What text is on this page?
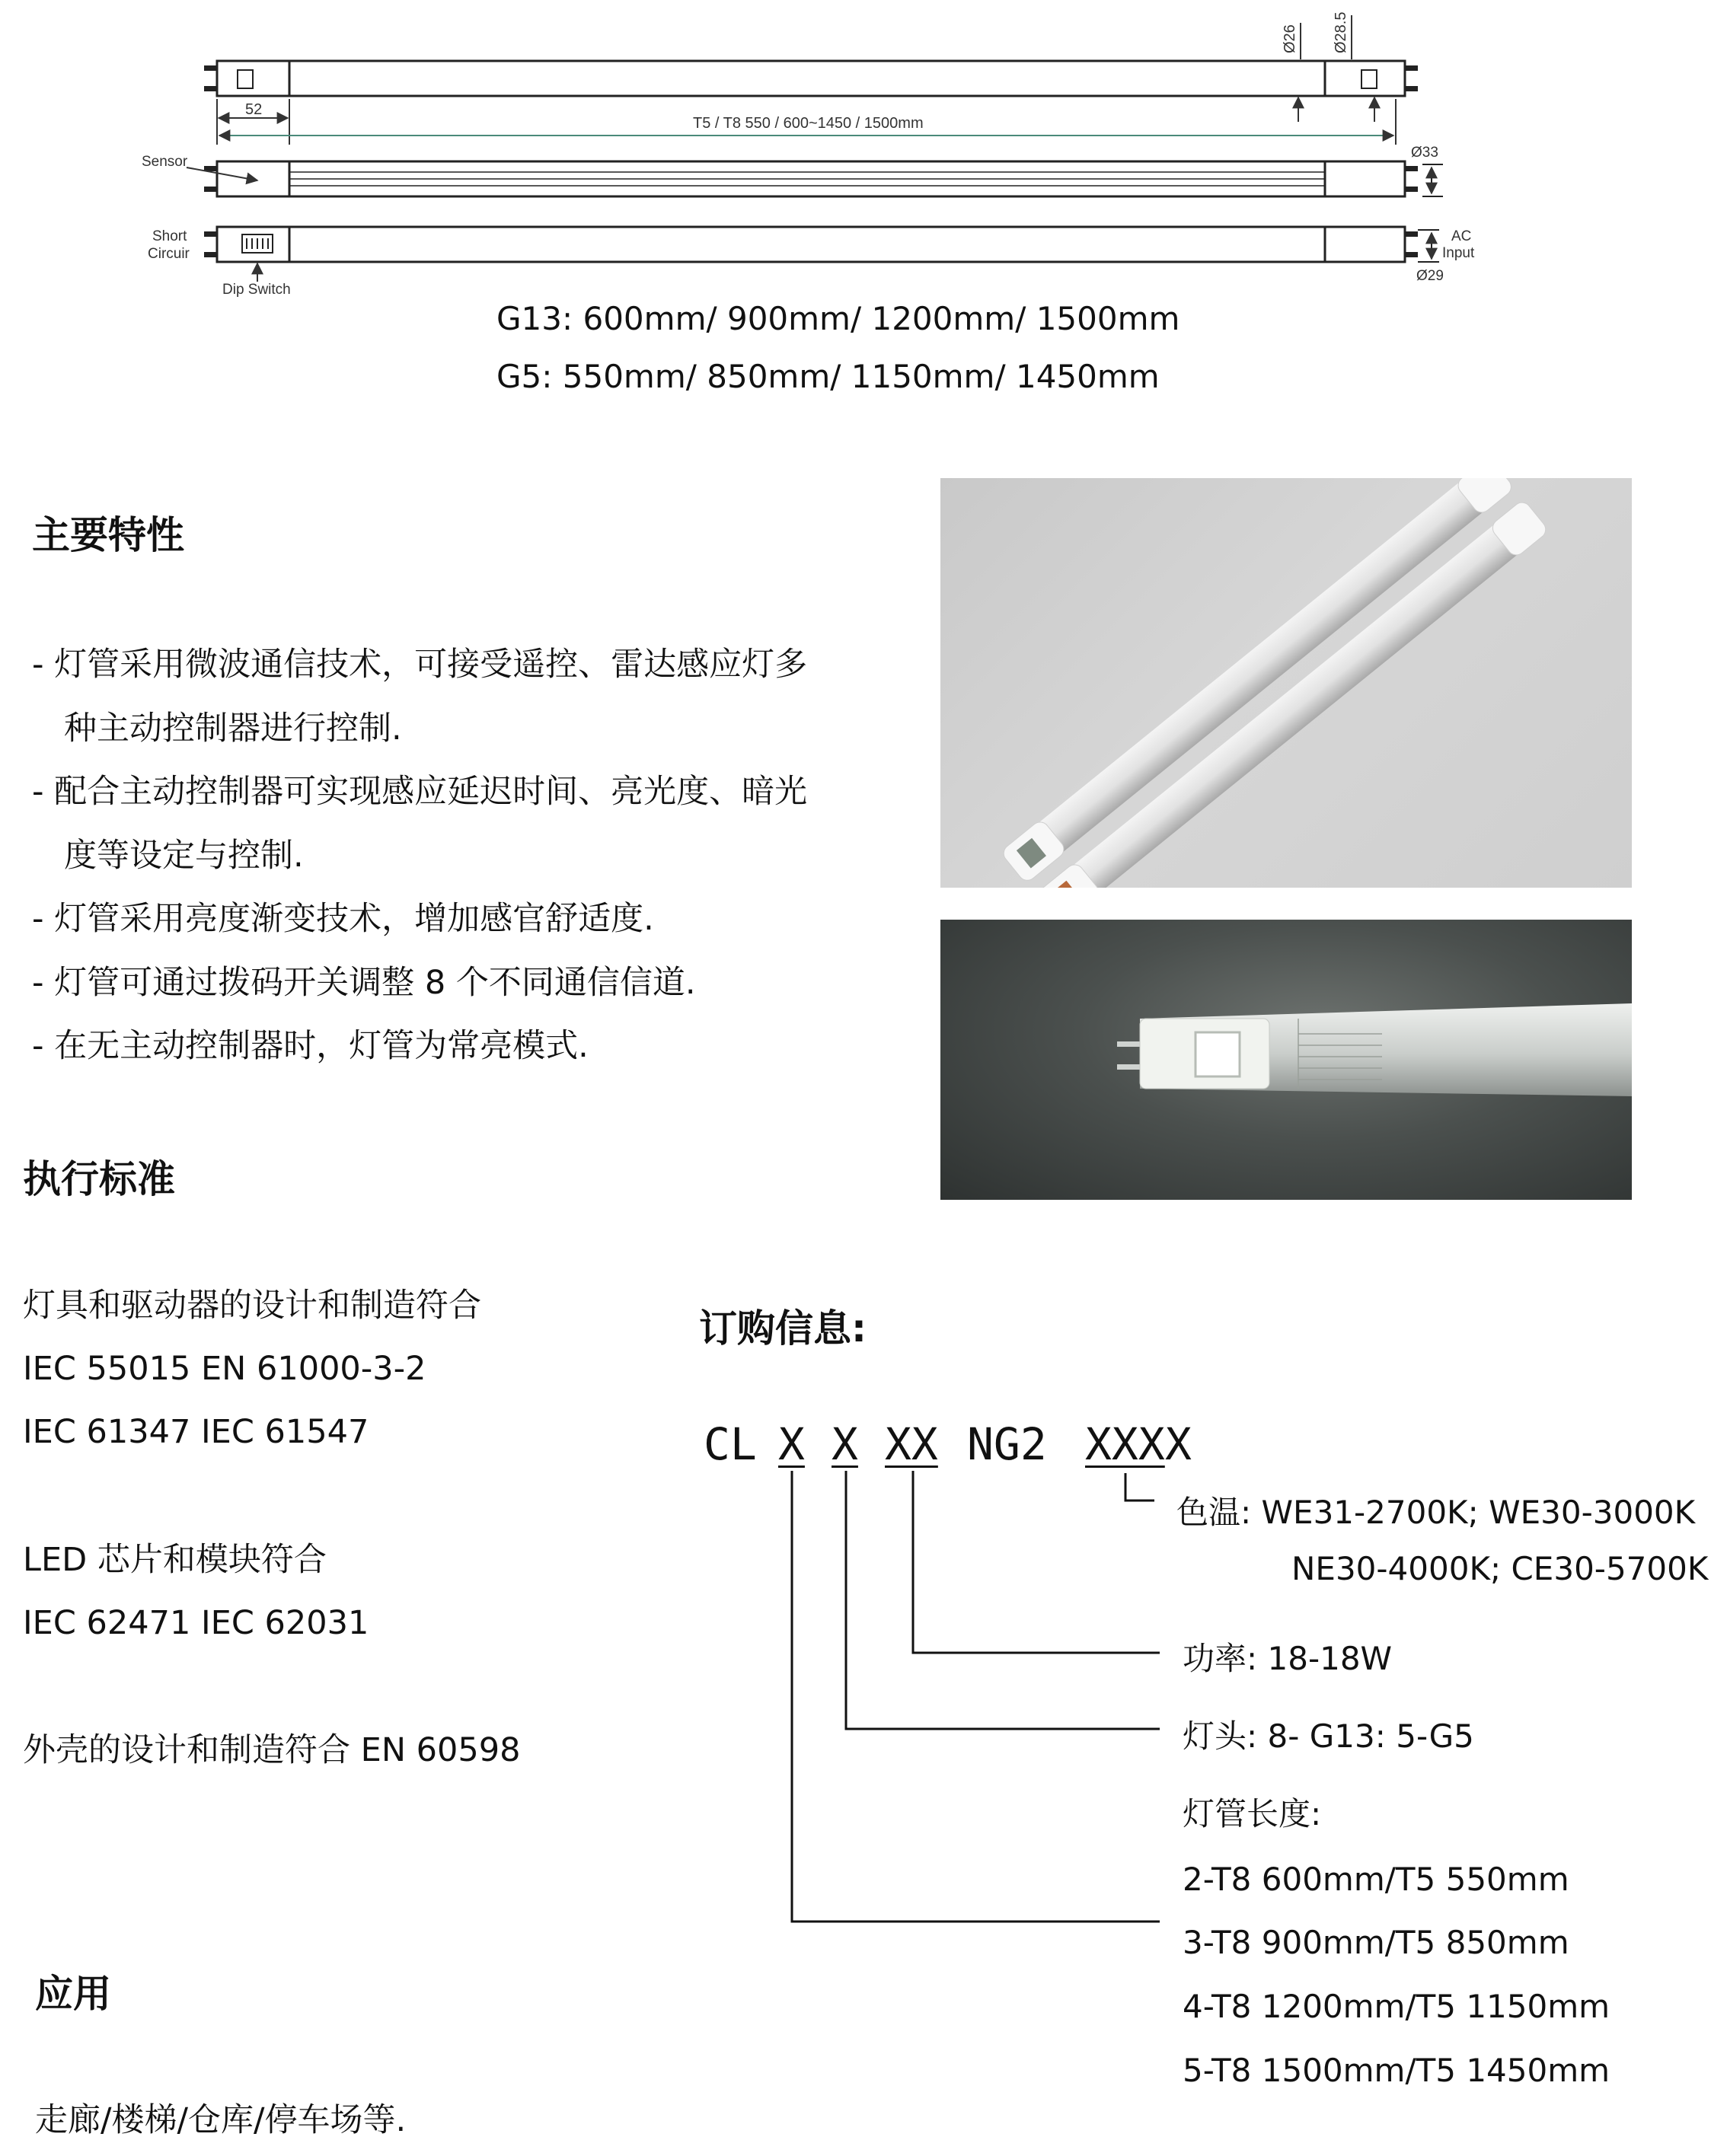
Ø26 Ø28.5
52
T5 / T8 550 / 600~1450 / 1500mm
Sensor
Short
Circuir
Dip Switch
Ø33
AC
Input
Ø29
G13: 600mm/ 900mm/ 1200mm/ 1500mm
G5: 550mm/ 850mm/ 1150mm/ 1450mm
主要特性
- 灯管采用微波通信技术，可接受遥控、雷达感应灯多
种主动控制器进行控制.
- 配合主动控制器可实现感应延迟时间、亮光度、暗光
度等设定与控制.
- 灯管采用亮度渐变技术，增加感官舒适度.
- 灯管可通过拨码开关调整 8 个不同通信信道.
- 在无主动控制器时，灯管为常亮模式.
执行标准
灯具和驱动器的设计和制造符合
IEC 55015 EN 61000-3-2
IEC 61347 IEC 61547
LED 芯片和模块符合
IEC 62471 IEC 62031
外壳的设计和制造符合 EN 60598
应用
走廊/楼梯/仓库/停车场等.
订购信息:
CL X X XX NG2 XXX X
色温: WE31-2700K; WE30-3000K
NE30-4000K; CE30-5700K
功率: 18-18W
灯头: 8- G13: 5-G5
灯管长度:
2-T8 600mm/T5 550mm
3-T8 900mm/T5 850mm
4-T8 1200mm/T5 1150mm
5-T8 1500mm/T5 1450mm
